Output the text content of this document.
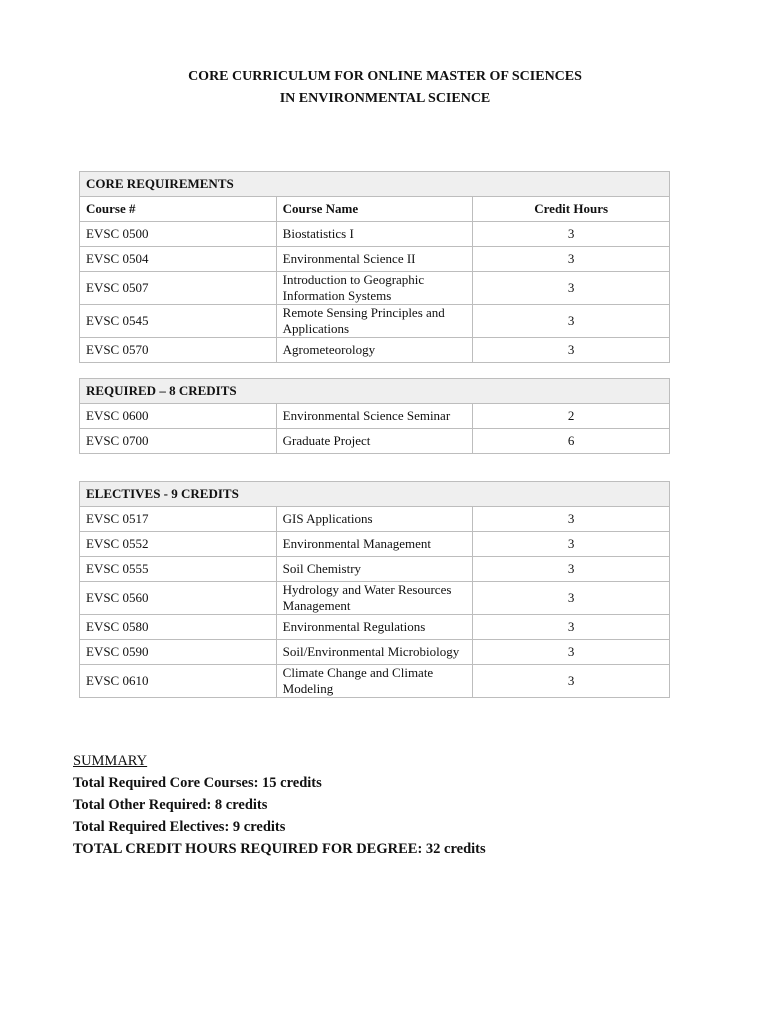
CORE CURRICULUM FOR ONLINE MASTER OF SCIENCES
IN ENVIRONMENTAL SCIENCE
CORE REQUIREMENTS		
Course #	Course Name	Credit Hours
EVSC 0500	Biostatistics I	3
EVSC 0504	Environmental Science II	3
EVSC 0507	Introduction to Geographic Information Systems	3
EVSC 0545	Remote Sensing Principles and Applications	3
EVSC 0570	Agrometeorology	3
REQUIRED – 8 CREDITS		
EVSC 0600	Environmental Science Seminar	2
EVSC 0700	Graduate Project	6
ELECTIVES - 9 CREDITS		
EVSC 0517	GIS Applications	3
EVSC 0552	Environmental Management	3
EVSC 0555	Soil Chemistry	3
EVSC 0560	Hydrology and Water Resources Management	3
EVSC 0580	Environmental Regulations	3
EVSC 0590	Soil/Environmental Microbiology	3
EVSC 0610	Climate Change and Climate Modeling	3
SUMMARY
Total Required Core Courses: 15 credits
Total Other Required: 8 credits
Total Required Electives: 9 credits
TOTAL CREDIT HOURS REQUIRED FOR DEGREE: 32 credits
